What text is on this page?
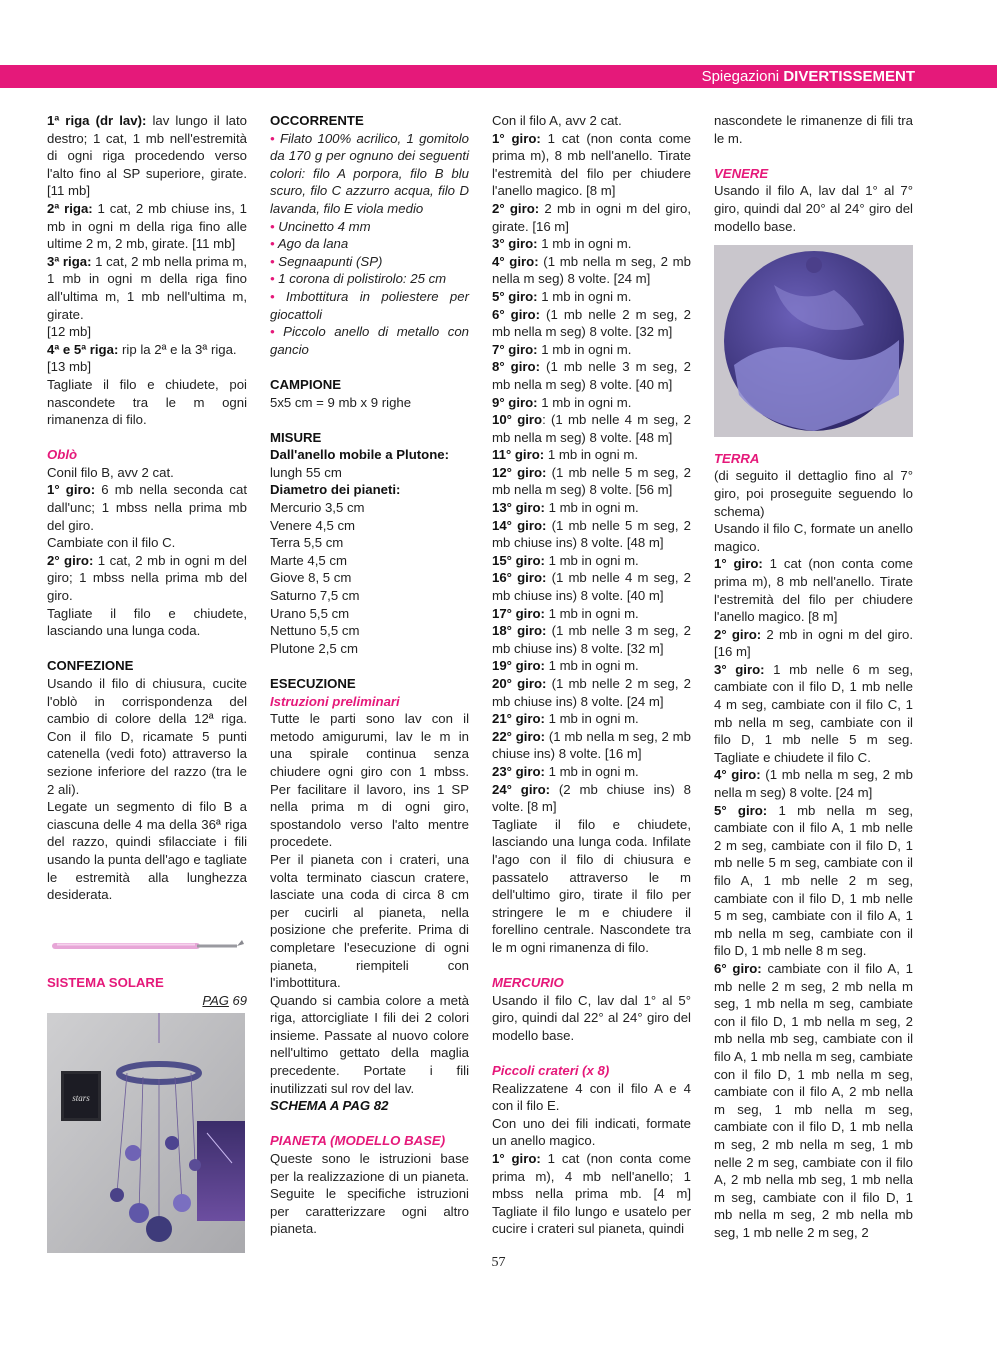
Spiegazioni DIVERTISSEMENT

1ª riga (dr lav): lav lungo il lato destro; 1 cat, 1 mb nell'estremità di ogni riga procedendo verso l'alto fino al SP superiore, girate. [11 mb]

2ª riga: 1 cat, 2 mb chiuse ins, 1 mb in ogni m della riga fino alle ultime 2 m, 2 mb, girate. [11 mb]

3ª riga: 1 cat, 2 mb nella prima m, 1 mb in ogni m della riga fino all'ultima m, 1 mb nell'ultima m, girate.

[12 mb]

4ª e 5ª riga: rip la 2ª e la 3ª riga.

[13 mb]

Tagliate il filo e chiudete, poi nascondete tra le m ogni rimanenza di filo.

Oblò

Conil filo B, avv 2 cat.

1° giro: 6 mb nella seconda cat dall'unc; 1 mbss nella prima mb del giro.

Cambiate con il filo C.

2° giro: 1 cat, 2 mb in ogni m del giro; 1 mbss nella prima mb del giro.

Tagliate il filo e chiudete, lasciando una lunga coda.

CONFEZIONE

Usando il filo di chiusura, cucite l'oblò in corrispondenza del cambio di colore della 12ª riga. Con il filo D, ricamate 5 punti catenella (vedi foto) attraverso la sezione inferiore del razzo (tra le 2 ali).

Legate un segmento di filo B a ciascuna delle 4 ma della 36ª riga del razzo, quindi sfilacciate i fili usando la punta dell'ago e tagliate le estremità alla lunghezza desiderata.

SISTEMA SOLARE

PAG 69

stars

OCCORRENTE

• Filato 100% acrilico, 1 gomitolo da 170 g per ognuno dei seguenti colori: filo A porpora, filo B blu scuro, filo C azzurro acqua, filo D lavanda, filo E viola medio

• Uncinetto 4 mm

• Ago da lana

• Segnaapunti (SP)

• 1 corona di polistirolo: 25 cm

• Imbottitura in poliestere per giocattoli

• Piccolo anello di metallo con gancio

CAMPIONE

5x5 cm = 9 mb x 9 righe

MISURE

Dall'anello mobile a Plutone:

lungh 55 cm

Diametro dei pianeti:

Mercurio 3,5 cm

Venere 4,5 cm

Terra 5,5 cm

Marte 4,5 cm

Giove 8, 5 cm

Saturno 7,5 cm

Urano 5,5 cm

Nettuno 5,5 cm

Plutone 2,5 cm

ESECUZIONE

Istruzioni preliminari

Tutte le parti sono lav con il metodo amigurumi, lav le m in una spirale continua senza chiudere ogni giro con 1 mbss. Per facilitare il lavoro, ins 1 SP nella prima m di ogni giro, spostandolo verso l'alto mentre procedete.

Per il pianeta con i crateri, una volta terminato ciascun cratere, lasciate una coda di circa 8 cm per cucirli al pianeta, nella posizione che preferite. Prima di completare l'esecuzione di ogni pianeta, riempiteli con l'imbottitura.

Quando si cambia colore a metà riga, attorcigliate I fili dei 2 colori insieme. Passate al nuovo colore nell'ultimo gettato della maglia precedente. Portate i fili inutilizzati sul rov del lav.

SCHEMA A PAG 82

PIANETA (MODELLO BASE)

Queste sono le istruzioni base per la realizzazione di un pianeta. Seguite le specifiche istruzioni per caratterizzare ogni altro pianeta.

Con il filo A, avv 2 cat.

1° giro: 1 cat (non conta come prima m), 8 mb nell'anello. Tirate l'estremità del filo per chiudere l'anello magico. [8 m]

2° giro: 2 mb in ogni m del giro, girate. [16 m]

3° giro: 1 mb in ogni m.

4° giro: (1 mb nella m seg, 2 mb nella m seg) 8 volte. [24 m]

5° giro: 1 mb in ogni m.

6° giro: (1 mb nelle 2 m seg, 2 mb nella m seg) 8 volte. [32 m]

7° giro: 1 mb in ogni m.

8° giro: (1 mb nelle 3 m seg, 2 mb nella m seg) 8 volte. [40 m]

9° giro: 1 mb in ogni m.

10° giro: (1 mb nelle 4 m seg, 2 mb nella m seg) 8 volte. [48 m]

11° giro: 1 mb in ogni m.

12° giro: (1 mb nelle 5 m seg, 2 mb nella m seg) 8 volte. [56 m]

13° giro: 1 mb in ogni m.

14° giro: (1 mb nelle 5 m seg, 2 mb chiuse ins) 8 volte. [48 m]

15° giro: 1 mb in ogni m.

16° giro: (1 mb nelle 4 m seg, 2 mb chiuse ins) 8 volte. [40 m]

17° giro: 1 mb in ogni m.

18° giro: (1 mb nelle 3 m seg, 2 mb chiuse ins) 8 volte. [32 m]

19° giro: 1 mb in ogni m.

20° giro: (1 mb nelle 2 m seg, 2 mb chiuse ins) 8 volte. [24 m]

21° giro: 1 mb in ogni m.

22° giro: (1 mb nella m seg, 2 mb chiuse ins) 8 volte. [16 m]

23° giro: 1 mb in ogni m.

24° giro: (2 mb chiuse ins) 8 volte. [8 m]

Tagliate il filo e chiudete, lasciando una lunga coda. Infilate l'ago con il filo di chiusura e passatelo attraverso le m dell'ultimo giro, tirate il filo per stringere le m e chiudere il forellino centrale. Nascondete tra le m ogni rimanenza di filo.

MERCURIO

Usando il filo C, lav dal 1° al 5° giro, quindi dal 22° al 24° giro del modello base.

Piccoli crateri (x 8)

Realizzatene 4 con il filo A e 4 con il filo E.

Con uno dei fili indicati, formate un anello magico.

1° giro: 1 cat (non conta come prima m), 4 mb nell'anello; 1 mbss nella prima mb. [4 m] Tagliate il filo lungo e usatelo per cucire i crateri sul pianeta, quindi

nascondete le rimanenze di fili tra le m.

VENERE

Usando il filo A, lav dal 1° al 7° giro, quindi dal 20° al 24° giro del modello base.

TERRA

(di seguito il dettaglio fino al 7° giro, poi proseguite seguendo lo schema)

Usando il filo C, formate un anello magico.

1° giro: 1 cat (non conta come prima m), 8 mb nell'anello. Tirate l'estremità del filo per chiudere l'anello magico. [8 m]

2° giro: 2 mb in ogni m del giro. [16 m]

3° giro: 1 mb nelle 6 m seg, cambiate con il filo D, 1 mb nelle 4 m seg, cambiate con il filo C, 1 mb nella m seg, cambiate con il filo D, 1 mb nelle 5 m seg. Tagliate e chiudete il filo C.

4° giro: (1 mb nella m seg, 2 mb nella m seg) 8 volte. [24 m]

5° giro: 1 mb nella m seg, cambiate con il filo A, 1 mb nelle 2 m seg, cambiate con il filo D, 1 mb nelle 5 m seg, cambiate con il filo A, 1 mb nelle 2 m seg, cambiate con il filo D, 1 mb nelle 5 m seg, cambiate con il filo A, 1 mb nella m seg, cambiate con il filo D, 1 mb nelle 8 m seg.

6° giro: cambiate con il filo A, 1 mb nelle 2 m seg, 2 mb nella m seg, 1 mb nella m seg, cambiate con il filo D, 1 mb nella m seg, 2 mb nella mb seg, cambiate con il filo A, 1 mb nella m seg, cambiate con il filo D, 1 mb nella m seg, cambiate con il filo A, 2 mb nella m seg, 1 mb nella m seg, cambiate con il filo D, 1 mb nella m seg, 2 mb nella m seg, 1 mb nelle 2 m seg, cambiate con il filo A, 2 mb nella mb seg, 1 mb nella m seg, cambiate con il filo D, 1 mb nella m seg, 2 mb nella mb seg, 1 mb nelle 2 m seg, 2

57
